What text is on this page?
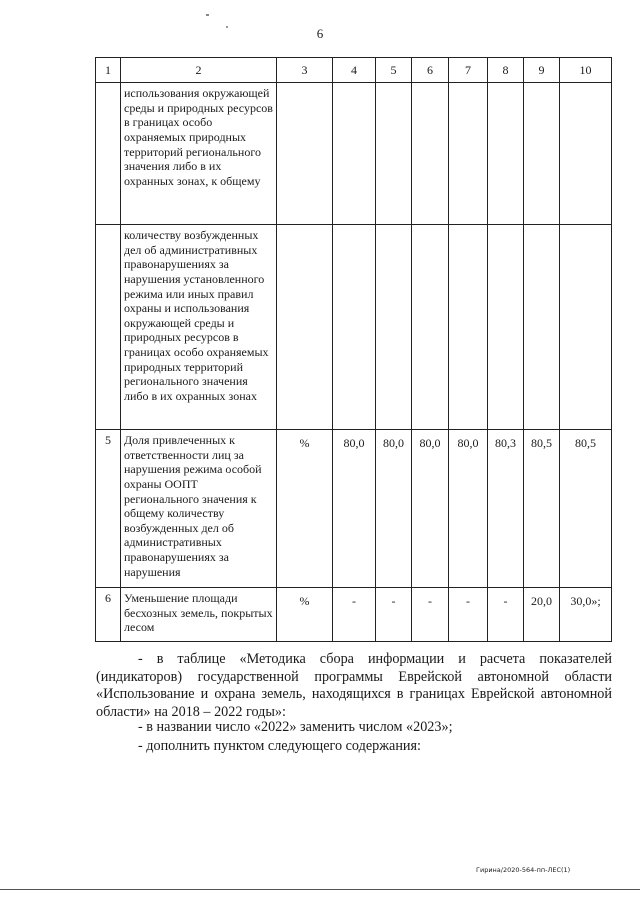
6
1	2	3	4	5	6	7	8	9	10
	использования окружающей среды и природных ресурсов в границах особо охраняемых природных территорий регионального значения либо в их охранных зонах, к общему								
	количеству возбужденных дел об административных правонарушениях за нарушения установленного режима или иных правил охраны и использования окружающей среды и природных ресурсов в границах особо охраняемых природных территорий регионального значения либо в их охранных зонах								
5	Доля привлеченных к ответственности лиц за нарушения режима особой охраны ООПТ регионального значения к общему количеству возбужденных дел об административных правонарушениях за нарушения	%	80,0	80,0	80,0	80,0	80,3	80,5	80,5
6	Уменьшение площади бесхозных земель, покрытых лесом	%	-	-	-	-	-	20,0	30,0»;
- в таблице «Методика сбора информации и расчета показателей (индикаторов) государственной программы Еврейской автономной области «Использование и охрана земель, находящихся в границах Еврейской автономной области» на 2018 – 2022 годы»:
- в названии число «2022» заменить числом «2023»;
- дополнить пунктом следующего содержания:
Гирина/2020-564-пп-ЛЕС(1)
